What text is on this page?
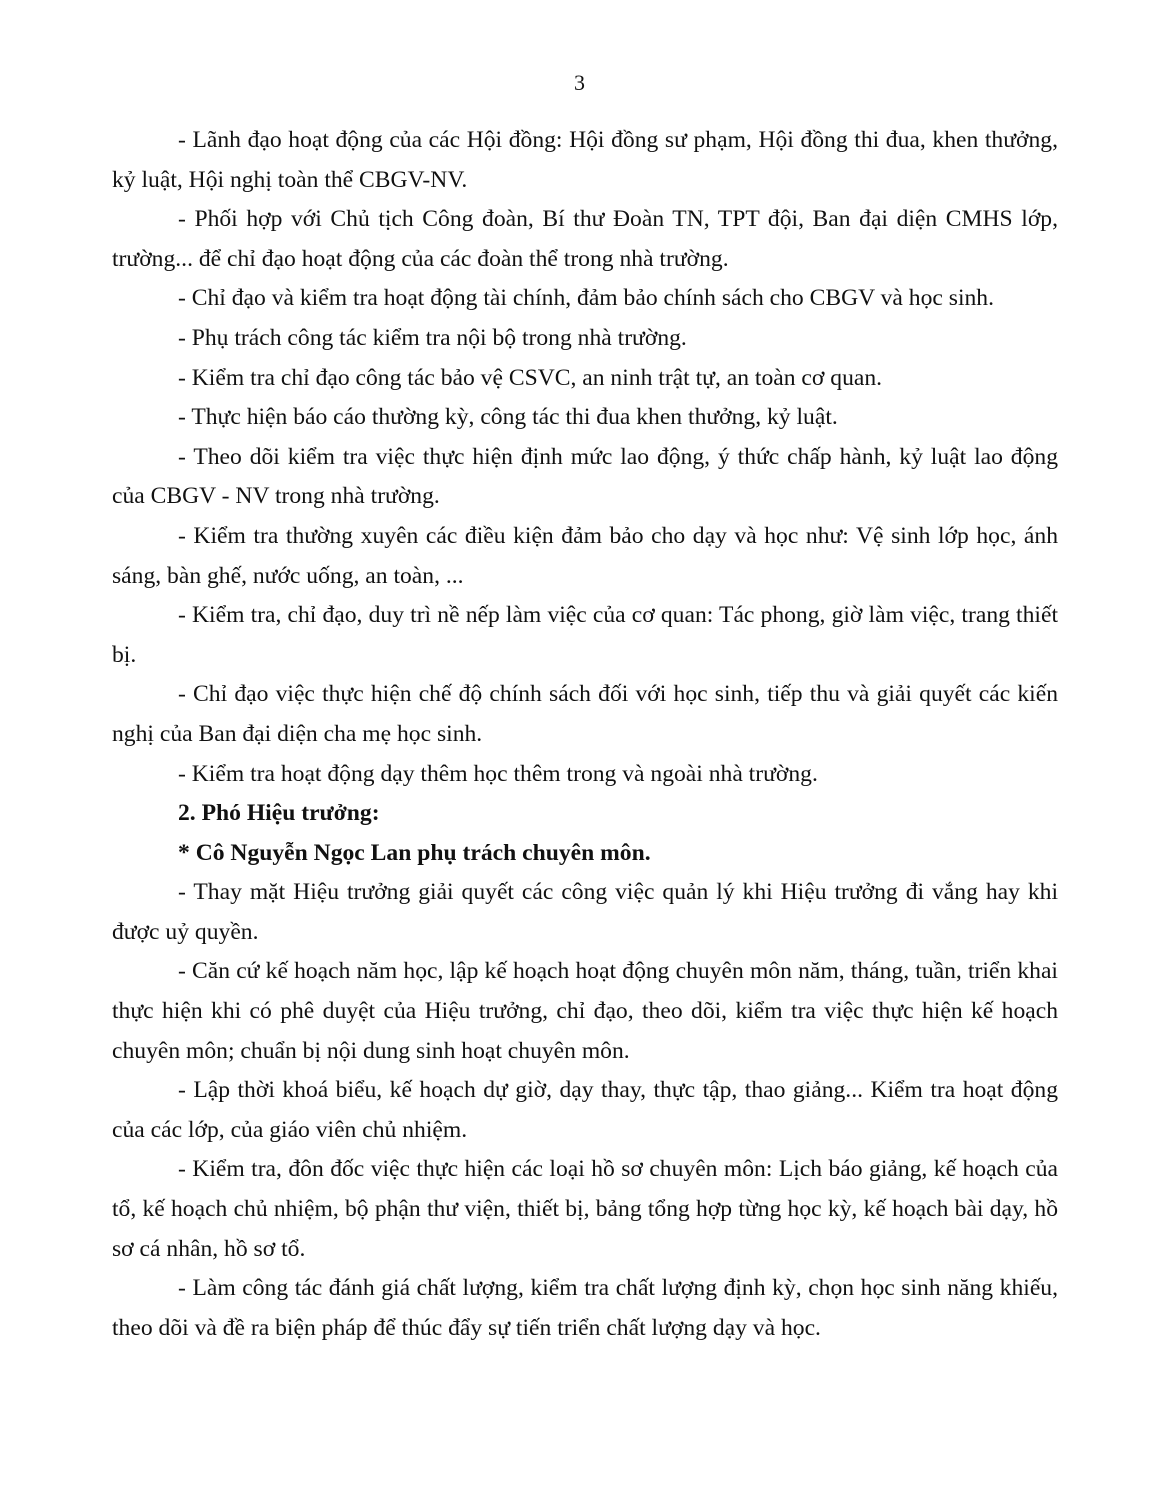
3

- Lãnh đạo hoạt động của các Hội đồng: Hội đồng sư phạm, Hội đồng thi đua, khen thưởng, kỷ luật, Hội nghị toàn thể CBGV-NV.

- Phối hợp với Chủ tịch Công đoàn, Bí thư Đoàn TN, TPT đội, Ban đại diện CMHS lớp, trường... để chỉ đạo hoạt động của các đoàn thể trong nhà trường.

- Chỉ đạo và kiểm tra hoạt động tài chính, đảm bảo chính sách cho CBGV và học sinh.

- Phụ trách công tác kiểm tra nội bộ trong nhà trường.

- Kiểm tra chỉ đạo công tác bảo vệ CSVC, an ninh trật tự, an toàn cơ quan.

- Thực hiện báo cáo thường kỳ, công tác thi đua khen thưởng, kỷ luật.

- Theo dõi kiểm tra việc thực hiện định mức lao động, ý thức chấp hành, kỷ luật lao động của CBGV - NV trong nhà trường.

- Kiểm tra thường xuyên các điều kiện đảm bảo cho dạy và học như: Vệ sinh lớp học, ánh sáng, bàn ghế, nước uống, an toàn, ...

- Kiểm tra, chỉ đạo, duy trì nề nếp làm việc của cơ quan: Tác phong, giờ làm việc, trang thiết bị.

- Chỉ đạo việc thực hiện chế độ chính sách đối với học sinh, tiếp thu và giải quyết các kiến nghị của Ban đại diện cha mẹ học sinh.

- Kiểm tra hoạt động dạy thêm học thêm trong và ngoài nhà trường.

2. Phó Hiệu trưởng:

* Cô Nguyễn Ngọc Lan phụ trách chuyên môn.

- Thay mặt Hiệu trưởng giải quyết các công việc quản lý khi Hiệu trưởng đi vắng hay khi được uỷ quyền.

- Căn cứ kế hoạch năm học, lập kế hoạch hoạt động chuyên môn năm, tháng, tuần, triển khai thực hiện khi có phê duyệt của Hiệu trưởng, chỉ đạo, theo dõi, kiểm tra việc thực hiện kế hoạch chuyên môn; chuẩn bị nội dung sinh hoạt chuyên môn.

- Lập thời khoá biểu, kế hoạch dự giờ, dạy thay, thực tập, thao giảng... Kiểm tra hoạt động của các lớp, của giáo viên chủ nhiệm.

- Kiểm tra, đôn đốc việc thực hiện các loại hồ sơ chuyên môn: Lịch báo giảng, kế hoạch của tổ, kế hoạch chủ nhiệm, bộ phận thư viện, thiết bị, bảng tổng hợp từng học kỳ, kế hoạch bài dạy, hồ sơ cá nhân, hồ sơ tổ.

- Làm công tác đánh giá chất lượng, kiểm tra chất lượng định kỳ, chọn học sinh năng khiếu, theo dõi và đề ra biện pháp để thúc đẩy sự tiến triển chất lượng dạy và học.
